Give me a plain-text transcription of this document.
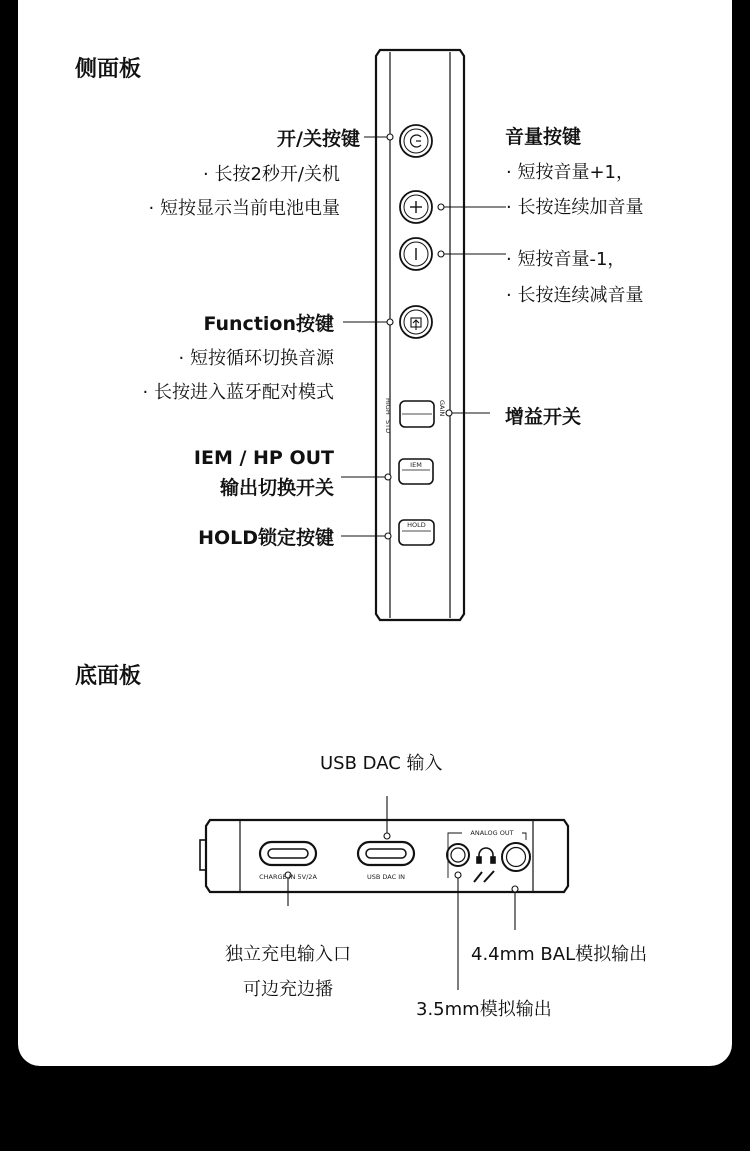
侧面板
开/关按键
· 长按2秒开/关机
· 短按显示当前电池电量
音量按键
· 短按音量+1，
· 长按连续加音量
· 短按音量-1，
· 长按连续减音量
Function按键
· 短按循环切换音源
· 长按进入蓝牙配对模式
增益开关
HIGH
STD
GAIN
IEM / HP OUT
输出切换开关
IEM
HOLD锁定按键
HOLD
底面板
USB DAC 输入
CHARGE IN 5V/2A	USB DAC IN
ANALOG OUT
独立充电输入口
可边充边播
4.4mm BAL模拟输出
3.5mm模拟输出
